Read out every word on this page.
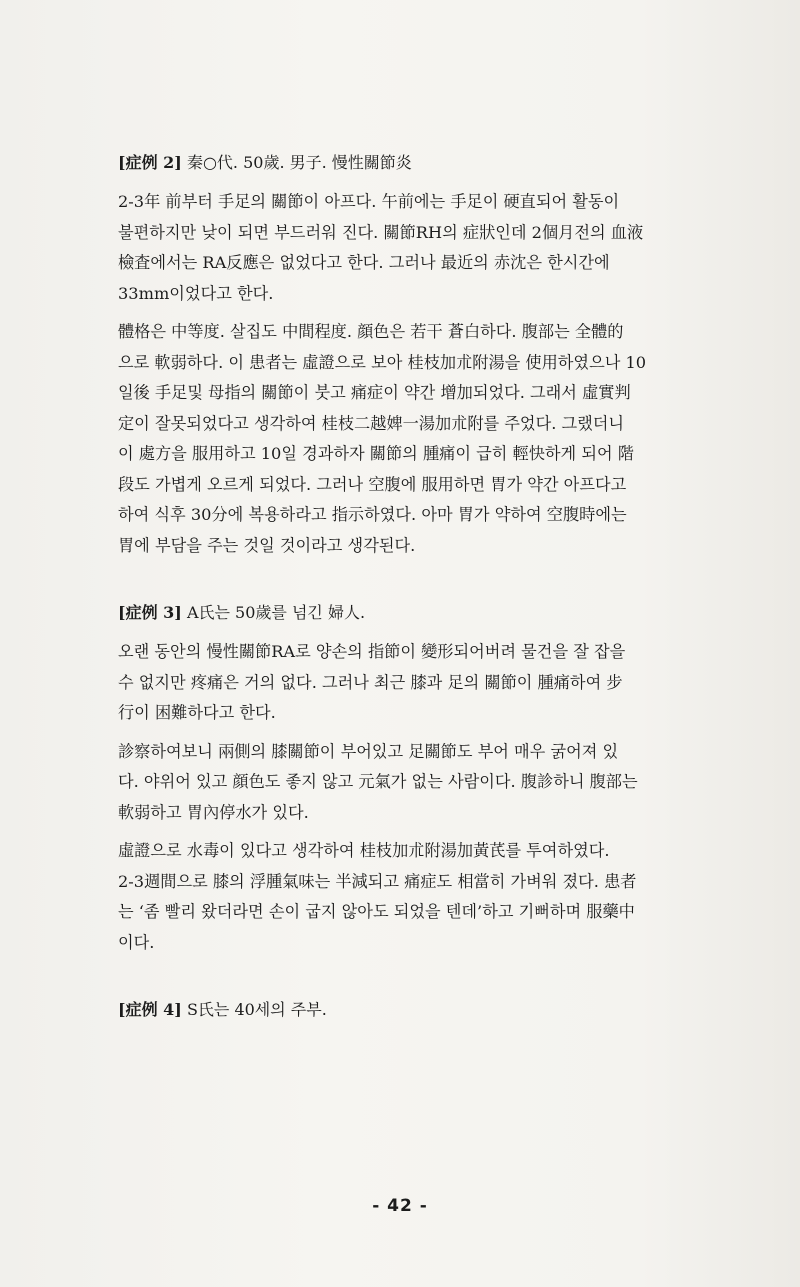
[症例 2] 秦○代. 50歲. 男子. 慢性關節炎
2-3年 前부터 手足의 關節이 아프다. 午前에는 手足이 硬直되어 활동이
불편하지만 낮이 되면 부드러워 진다. 關節RH의 症狀인데 2個月전의 血液
檢査에서는 RA反應은 없었다고 한다. 그러나 最近의 赤沈은 한시간에
33mm이었다고 한다.
體格은 中等度. 살집도 中間程度. 顔色은 若干 蒼白하다. 腹部는 全體的
으로 軟弱하다. 이 患者는 虛證으로 보아 桂枝加朮附湯을 使用하였으나 10
일後 手足및 母指의 關節이 붓고 痛症이 약간 增加되었다. 그래서 虛實判
定이 잘못되었다고 생각하여 桂枝二越婢一湯加朮附를 주었다. 그랬더니
이 處方을 服用하고 10일 경과하자 關節의 腫痛이 급히 輕快하게 되어 階
段도 가볍게 오르게 되었다. 그러나 空腹에 服用하면 胃가 약간 아프다고
하여 식후 30分에 복용하라고 指示하였다. 아마 胃가 약하여 空腹時에는
胃에 부담을 주는 것일 것이라고 생각된다.
[症例 3] A氏는 50歲를 넘긴 婦人.
오랜 동안의 慢性關節RA로 양손의 指節이 變形되어버려 물건을 잘 잡을
수 없지만 疼痛은 거의 없다. 그러나 최근 膝과 足의 關節이 腫痛하여 步
行이 困難하다고 한다.
診察하여보니 兩側의 膝關節이 부어있고 足關節도 부어 매우 굵어져 있
다. 야위어 있고 顔色도 좋지 않고 元氣가 없는 사람이다. 腹診하니 腹部는
軟弱하고 胃內停水가 있다.
虛證으로 水毒이 있다고 생각하여 桂枝加朮附湯加黃芪를 투여하였다.
2-3週間으로 膝의 浮腫氣味는 半減되고 痛症도 相當히 가벼워 졌다. 患者
는 ‘좀 빨리 왔더라면 손이 굽지 않아도 되었을 텐데’하고 기뻐하며 服藥中
이다.
[症例 4] S氏는 40세의 주부.
- 42 -
